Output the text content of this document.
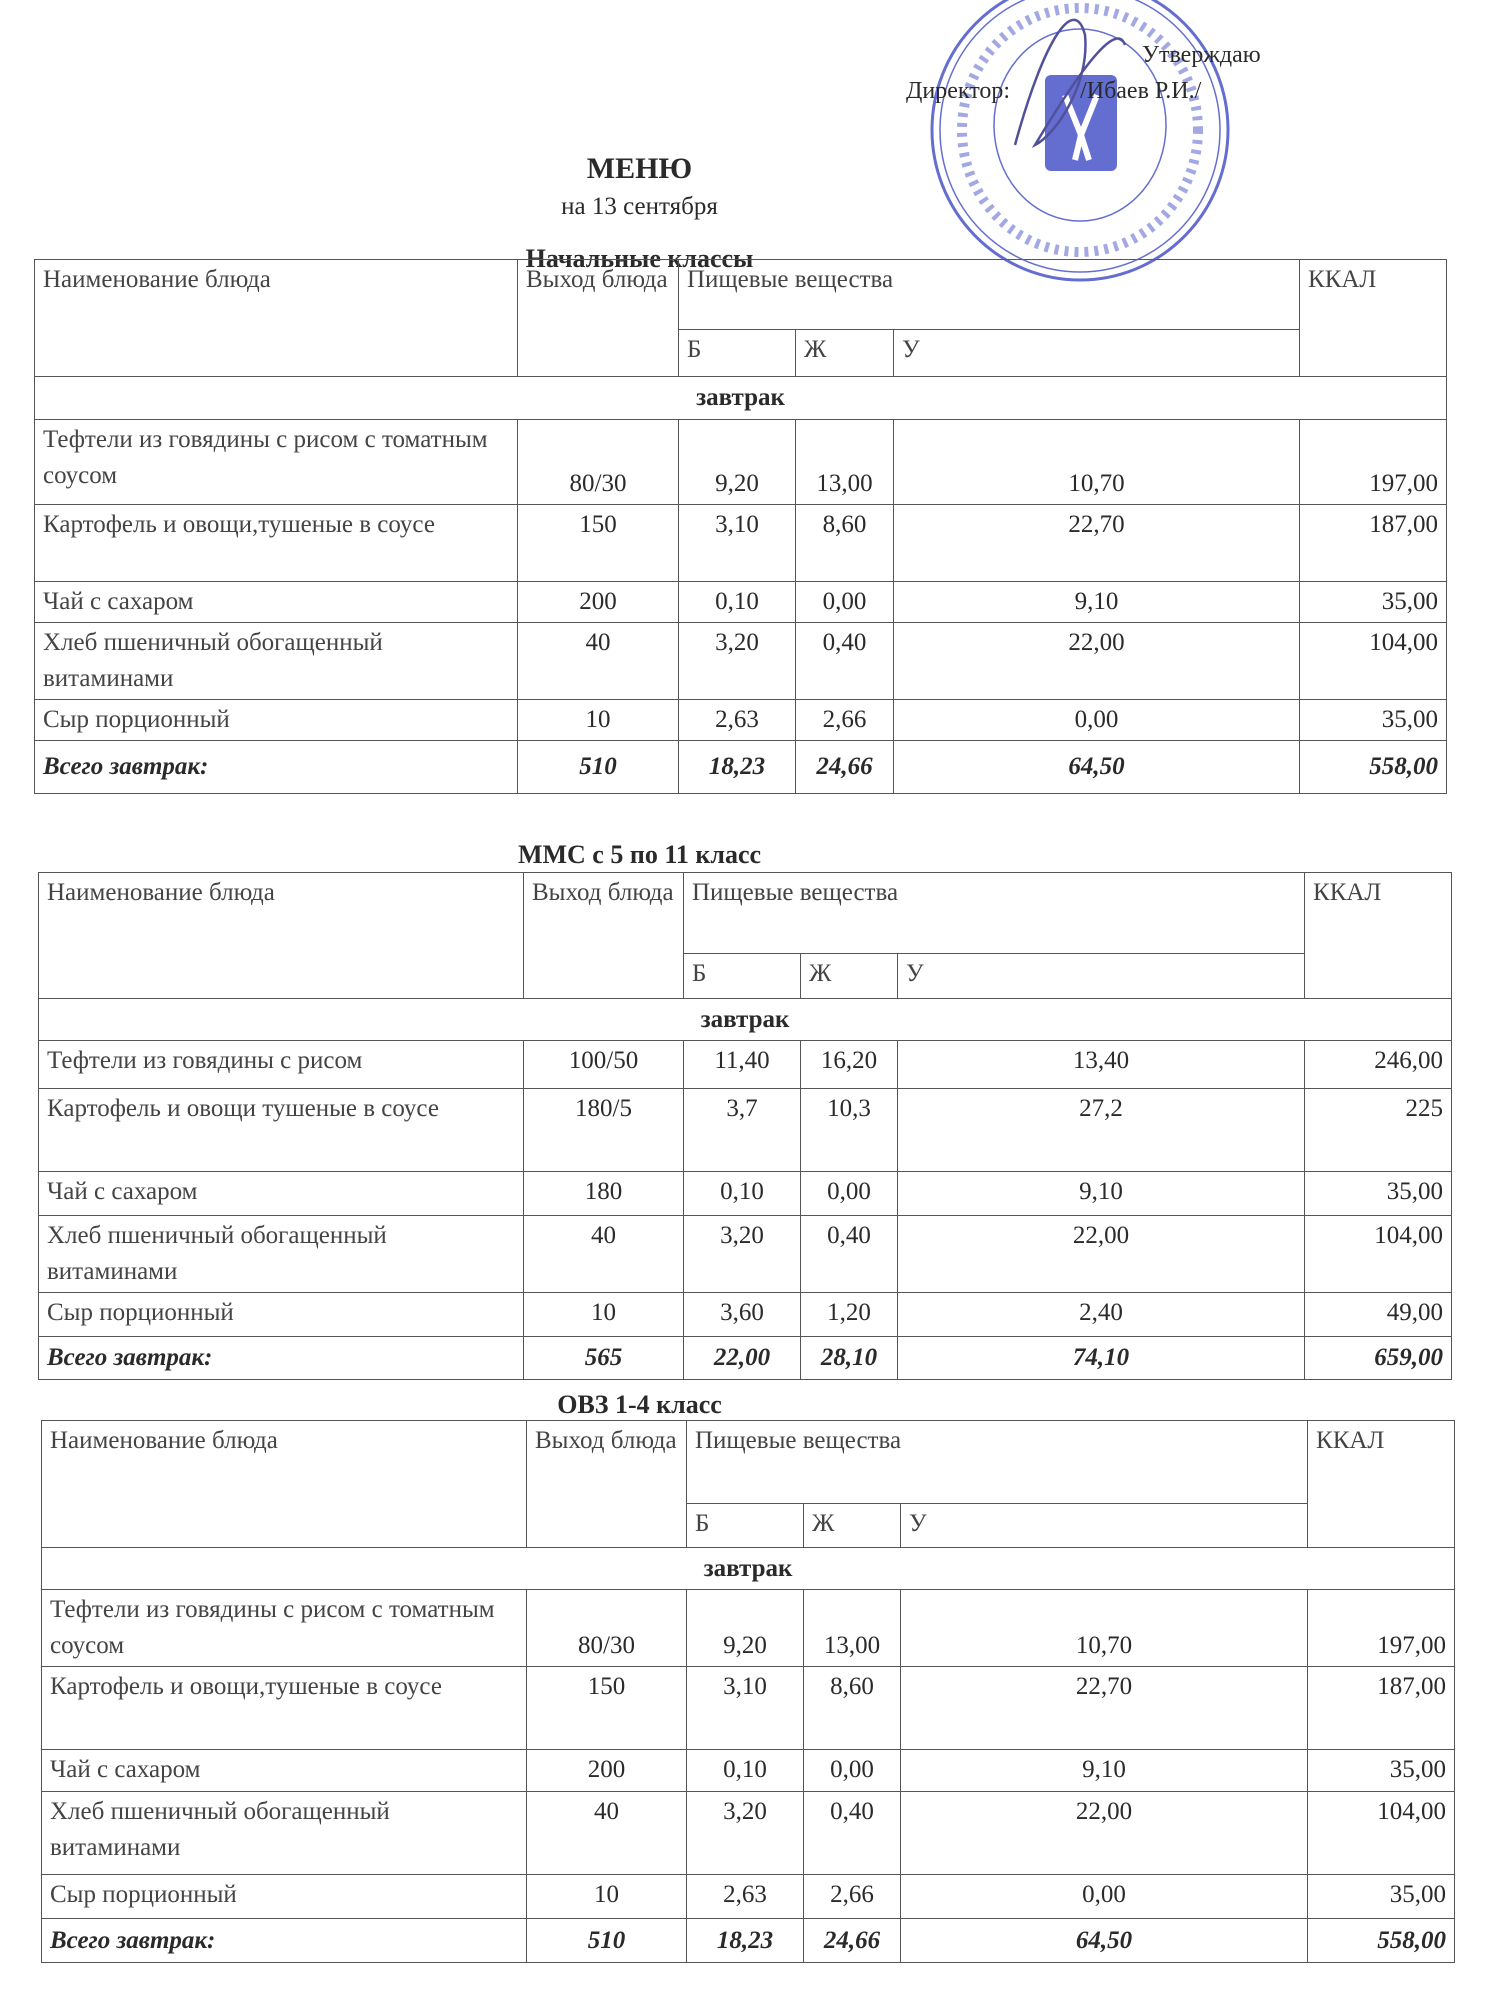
Утверждаю
Директор:	/Ибаев Р.И./
МЕНЮ
на 13 сентября
Начальные классы
Наименование блюда	Выход блюда	Пищевые вещества			ККАЛ
		Б	Ж	У	
завтрак					
Тефтели из говядины с рисом с томатным соусом	80/30	9,20	13,00	10,70	197,00
Картофель и овощи,тушеные в соусе	150	3,10	8,60	22,70	187,00
Чай с сахаром	200	0,10	0,00	9,10	35,00
Хлеб пшеничный обогащенный витаминами	40	3,20	0,40	22,00	104,00
Сыр порционный	10	2,63	2,66	0,00	35,00
Всего завтрак:	510	18,23	24,66	64,50	558,00
ММС с 5 по 11 класс
Наименование блюда	Выход блюда	Пищевые вещества			ККАЛ
		Б	Ж	У	
завтрак					
Тефтели из говядины с рисом	100/50	11,40	16,20	13,40	246,00
Картофель и овощи тушеные в соусе	180/5	3,7	10,3	27,2	225
Чай с сахаром	180	0,10	0,00	9,10	35,00
Хлеб пшеничный обогащенный витаминами	40	3,20	0,40	22,00	104,00
Сыр порционный	10	3,60	1,20	2,40	49,00
Всего завтрак:	565	22,00	28,10	74,10	659,00
ОВЗ 1-4 класс
Наименование блюда	Выход блюда	Пищевые вещества			ККАЛ
		Б	Ж	У	
завтрак					
Тефтели из говядины с рисом с томатным соусом	80/30	9,20	13,00	10,70	197,00
Картофель и овощи,тушеные в соусе	150	3,10	8,60	22,70	187,00
Чай с сахаром	200	0,10	0,00	9,10	35,00
Хлеб пшеничный обогащенный витаминами	40	3,20	0,40	22,00	104,00
Сыр порционный	10	2,63	2,66	0,00	35,00
Всего завтрак:	510	18,23	24,66	64,50	558,00
